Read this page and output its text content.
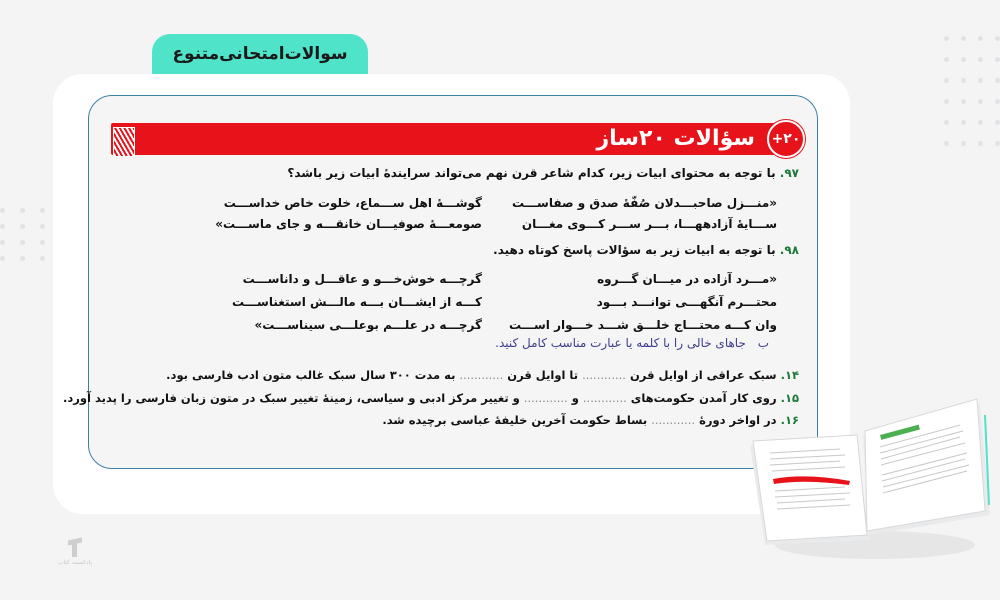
سوالات‌امتحانی‌متنوع
سؤالات ۲۰ساز	+۲۰
۹۷. با توجه به محتوای ابیات زیر، کدام شاعر قرن نهم می‌تواند سرایندهٔ ابیات زیر باشد؟
«منـــزل صاحبـــدلان صُفّهٔ صدق و صفاســـت
گوشـــهٔ اهل ســـماع، خلوت خاص خداســـت
ســـایهٔ آزادههـــا، بـــر ســـر کـــوی مغـــان
صومعـــهٔ صوفیـــان خانقـــه و جای ماســـت»
۹۸. با توجه به ابیات زیر به سؤالات پاسخ کوتاه دهید.
«مـــرد آزاده در میـــان گـــروه
گرچـــه خوش‌خـــو و عاقـــل و داناســـت
محتـــرم آنگهـــی توانـــد بـــود
کـــه از ایشـــان بـــه مالـــش استغناســـت
وان کـــه محتـــاج خلـــق شـــد خـــوار اســـت
گرچـــه در علـــم بوعلـــی سیناســـت»
ب جاهای خالی را با کلمه یا عبارت مناسب کامل کنید.
۱۴. سبک عراقی از اوایل قرن ............ تا اوایل قرن ............ به مدت ۳۰۰ سال سبک غالب متون ادب فارسی بود.
۱۵. روی کار آمدن حکومت‌های ............ و ............ و تغییر مرکز ادبی و سیاسی، زمینهٔ تغییر سبک در متون زبان فارسی را پدید آورد.
۱۶. در اواخر دورهٔ ............ بساط حکومت آخرین خلیفهٔ عباسی برچیده شد.
پادکست کتاب
